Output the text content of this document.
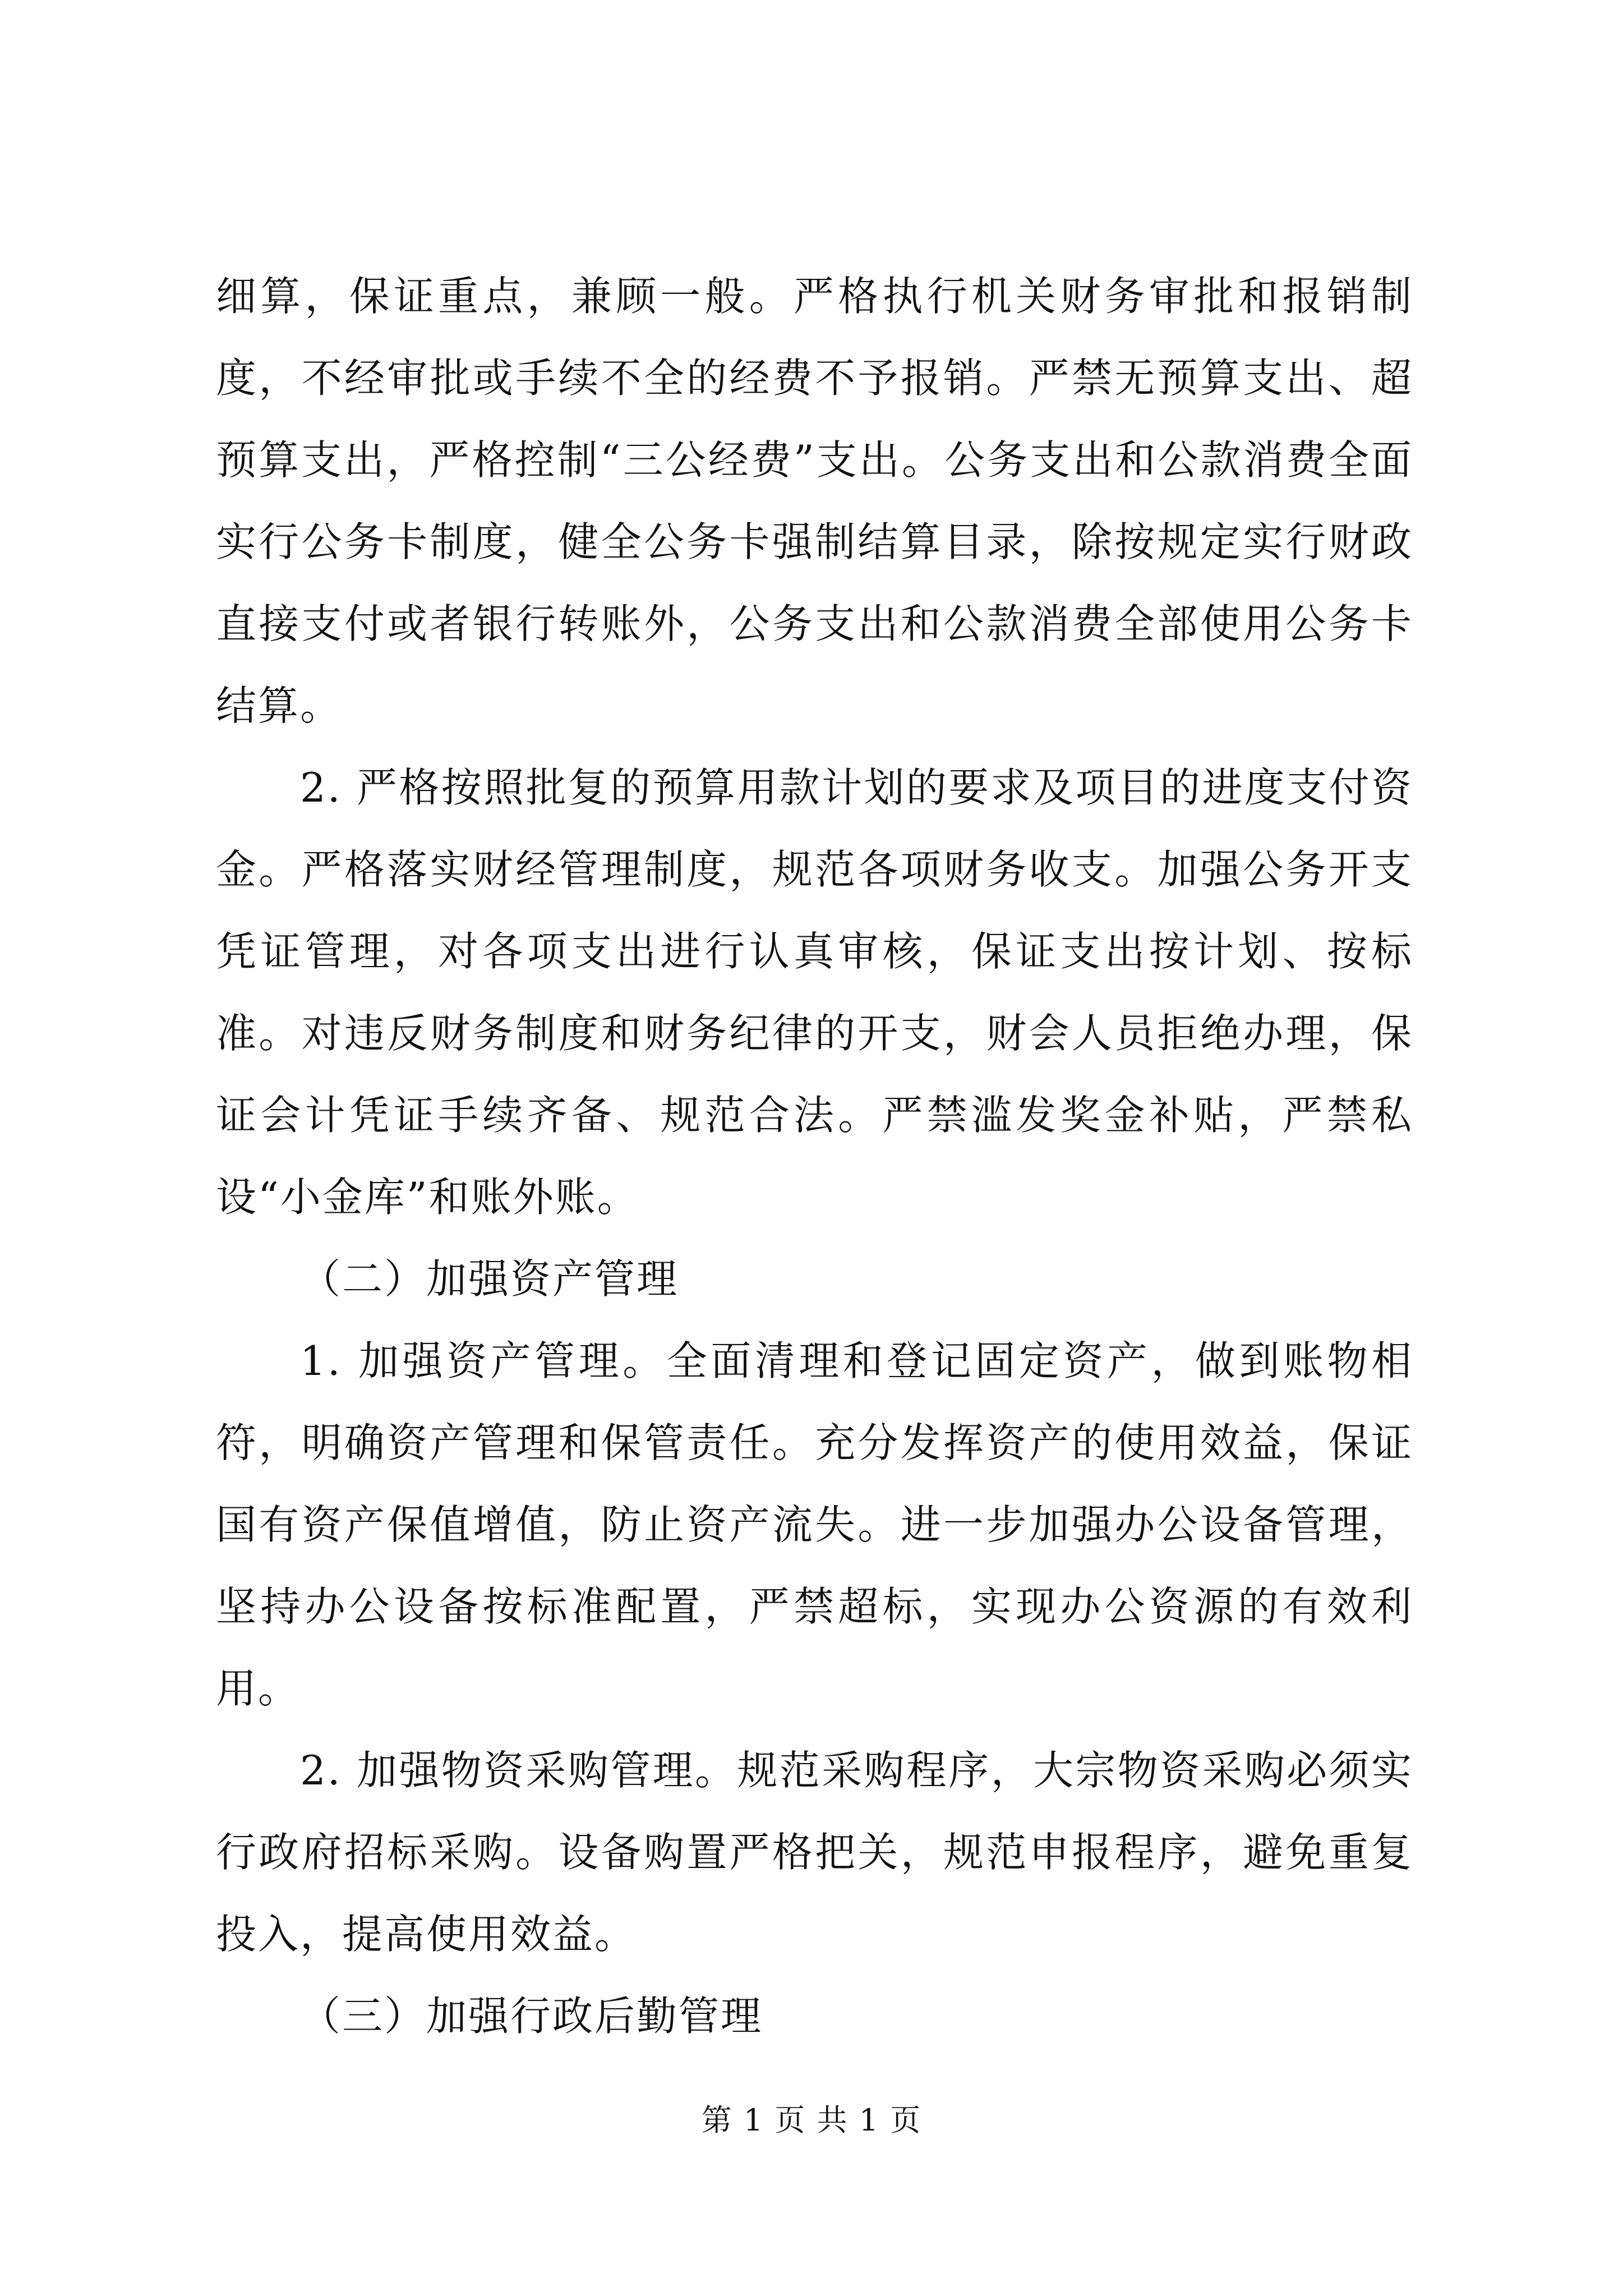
细算，保证重点，兼顾一般。严格执行机关财务审批和报销制度，不经审批或手续不全的经费不予报销。严禁无预算支出、超预算支出，严格控制“三公经费”支出。公务支出和公款消费全面实行公务卡制度，健全公务卡强制结算目录，除按规定实行财政直接支付或者银行转账外，公务支出和公款消费全部使用公务卡结算。

2. 严格按照批复的预算用款计划的要求及项目的进度支付资金。严格落实财经管理制度，规范各项财务收支。加强公务开支凭证管理，对各项支出进行认真审核，保证支出按计划、按标准。对违反财务制度和财务纪律的开支，财会人员拒绝办理，保证会计凭证手续齐备、规范合法。严禁滥发奖金补贴，严禁私设“小金库”和账外账。

（二）加强资产管理

1. 加强资产管理。全面清理和登记固定资产，做到账物相符，明确资产管理和保管责任。充分发挥资产的使用效益，保证国有资产保值增值，防止资产流失。进一步加强办公设备管理，坚持办公设备按标准配置，严禁超标，实现办公资源的有效利用。

2. 加强物资采购管理。规范采购程序，大宗物资采购必须实行政府招标采购。设备购置严格把关，规范申报程序，避免重复投入，提高使用效益。

（三）加强行政后勤管理

第 1 页 共 1 页
